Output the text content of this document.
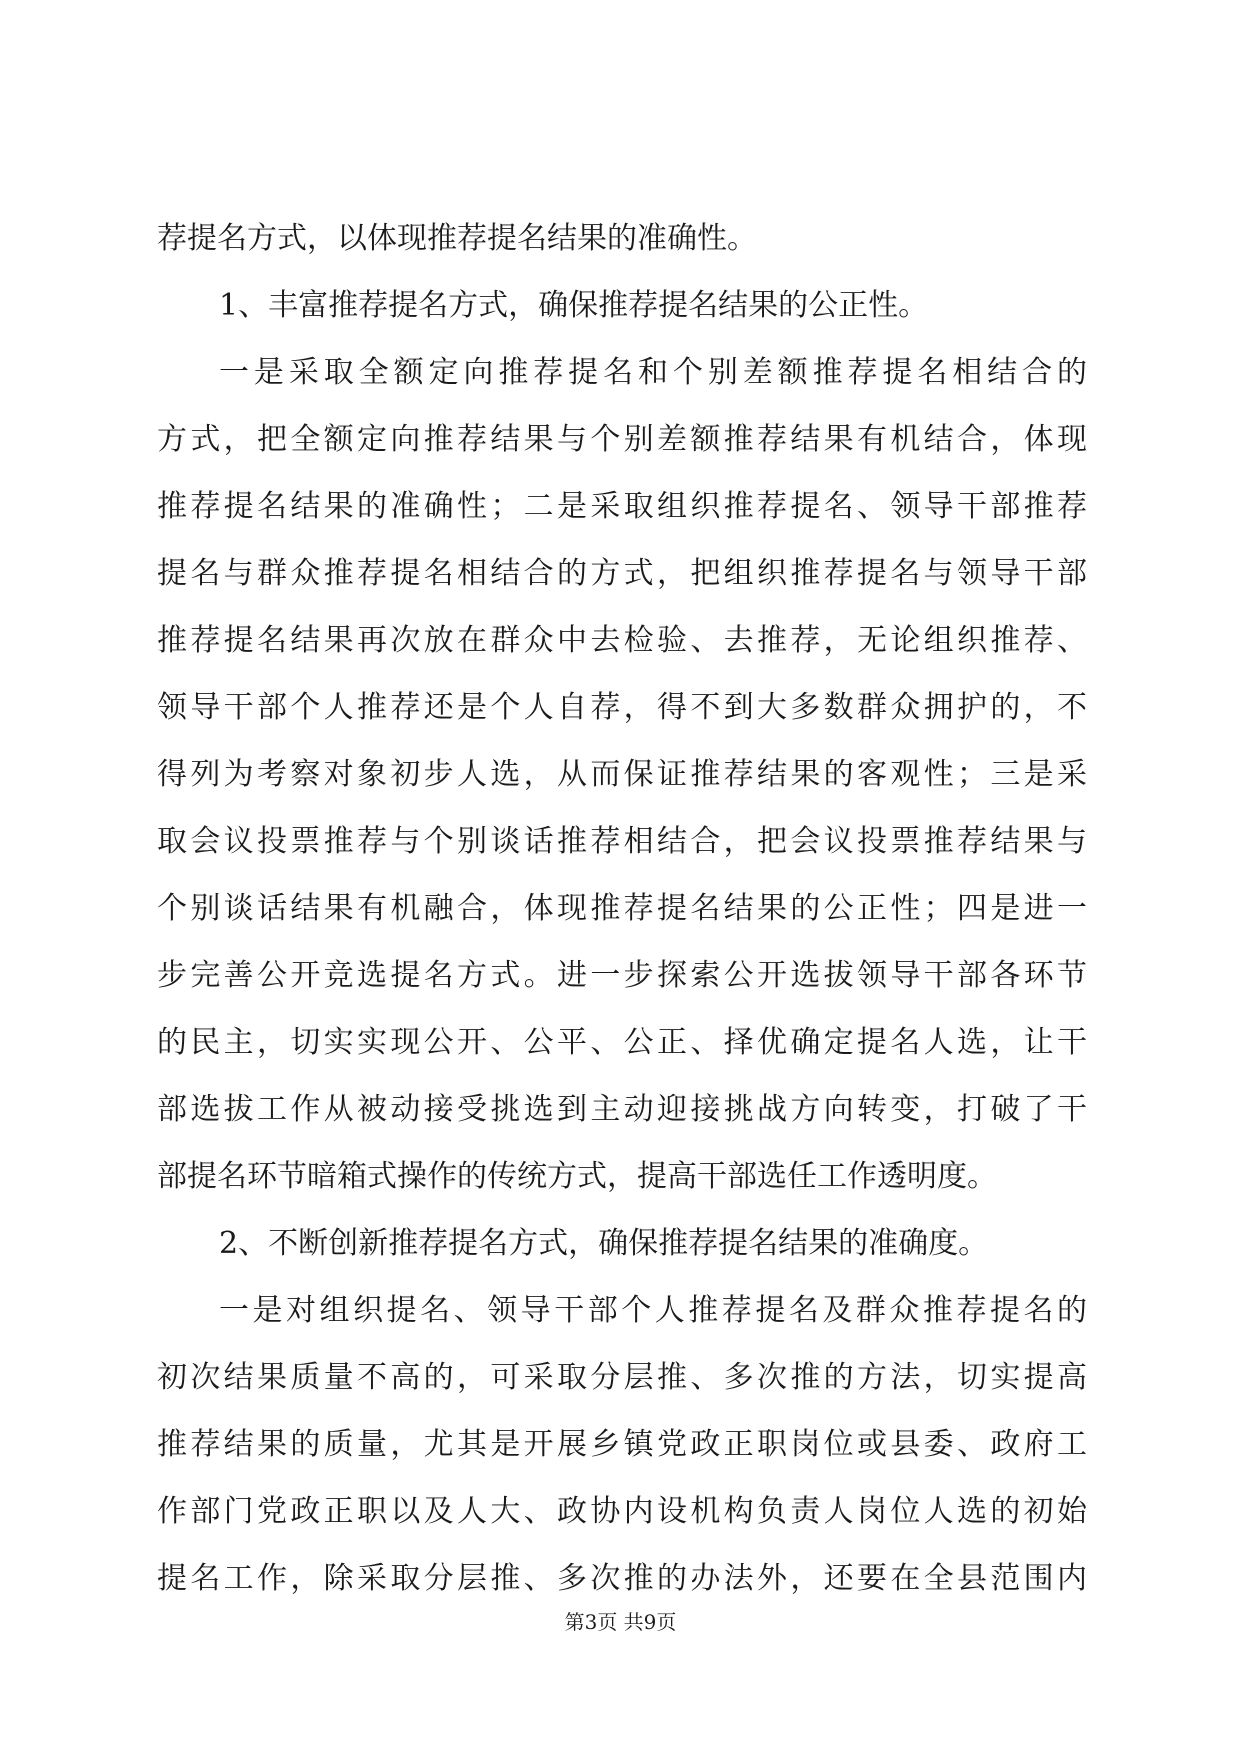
荐提名方式，以体现推荐提名结果的准确性。
1、丰富推荐提名方式，确保推荐提名结果的公正性。
一是采取全额定向推荐提名和个别差额推荐提名相结合的
方式，把全额定向推荐结果与个别差额推荐结果有机结合，体现
推荐提名结果的准确性；二是采取组织推荐提名、领导干部推荐
提名与群众推荐提名相结合的方式，把组织推荐提名与领导干部
推荐提名结果再次放在群众中去检验、去推荐，无论组织推荐、
领导干部个人推荐还是个人自荐，得不到大多数群众拥护的，不
得列为考察对象初步人选，从而保证推荐结果的客观性；三是采
取会议投票推荐与个别谈话推荐相结合，把会议投票推荐结果与
个别谈话结果有机融合，体现推荐提名结果的公正性；四是进一
步完善公开竞选提名方式。进一步探索公开选拔领导干部各环节
的民主，切实实现公开、公平、公正、择优确定提名人选，让干
部选拔工作从被动接受挑选到主动迎接挑战方向转变，打破了干
部提名环节暗箱式操作的传统方式，提高干部选任工作透明度。
2、不断创新推荐提名方式，确保推荐提名结果的准确度。
一是对组织提名、领导干部个人推荐提名及群众推荐提名的
初次结果质量不高的，可采取分层推、多次推的方法，切实提高
推荐结果的质量，尤其是开展乡镇党政正职岗位或县委、政府工
作部门党政正职以及人大、政协内设机构负责人岗位人选的初始
提名工作，除采取分层推、多次推的办法外，还要在全县范围内
第3页 共9页
